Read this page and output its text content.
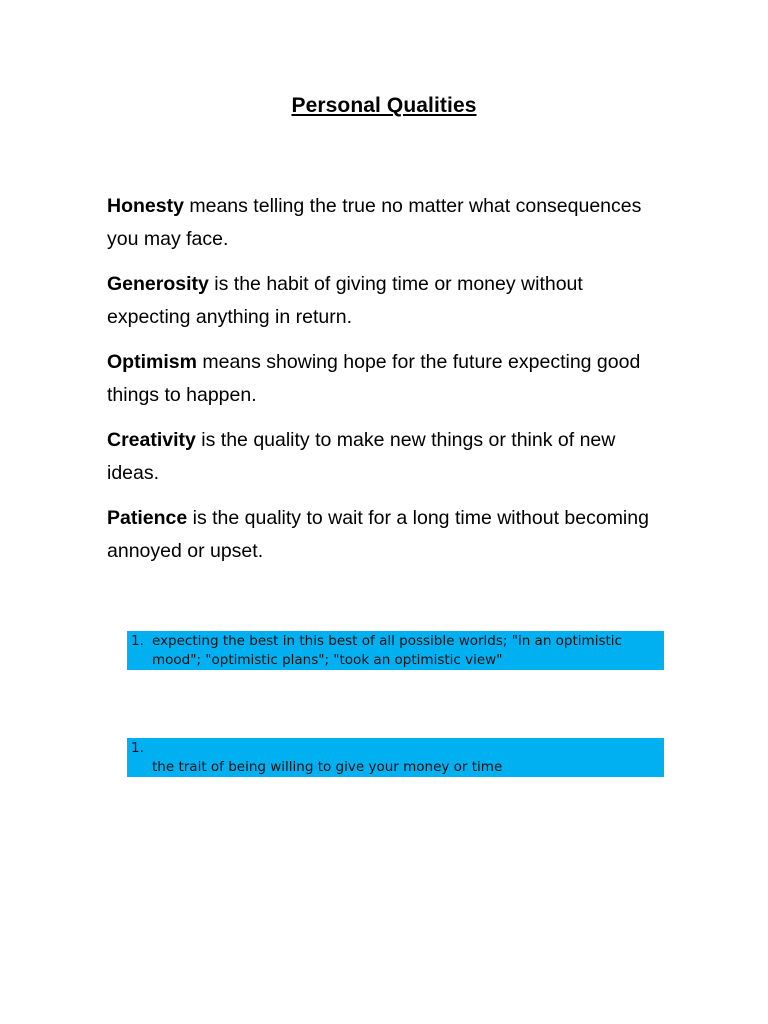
Personal Qualities

Honesty means telling the true no matter what consequences you may face.

Generosity is the habit of giving time or money without expecting anything in return.

Optimism means showing hope for the future expecting good things to happen.

Creativity is the quality to make new things or think of new ideas.

Patience is the quality to wait for a long time without becoming annoyed or upset.

1. expecting the best in this best of all possible worlds; "in an optimistic mood"; "optimistic plans"; "took an optimistic view"
1.
the trait of being willing to give your money or time
